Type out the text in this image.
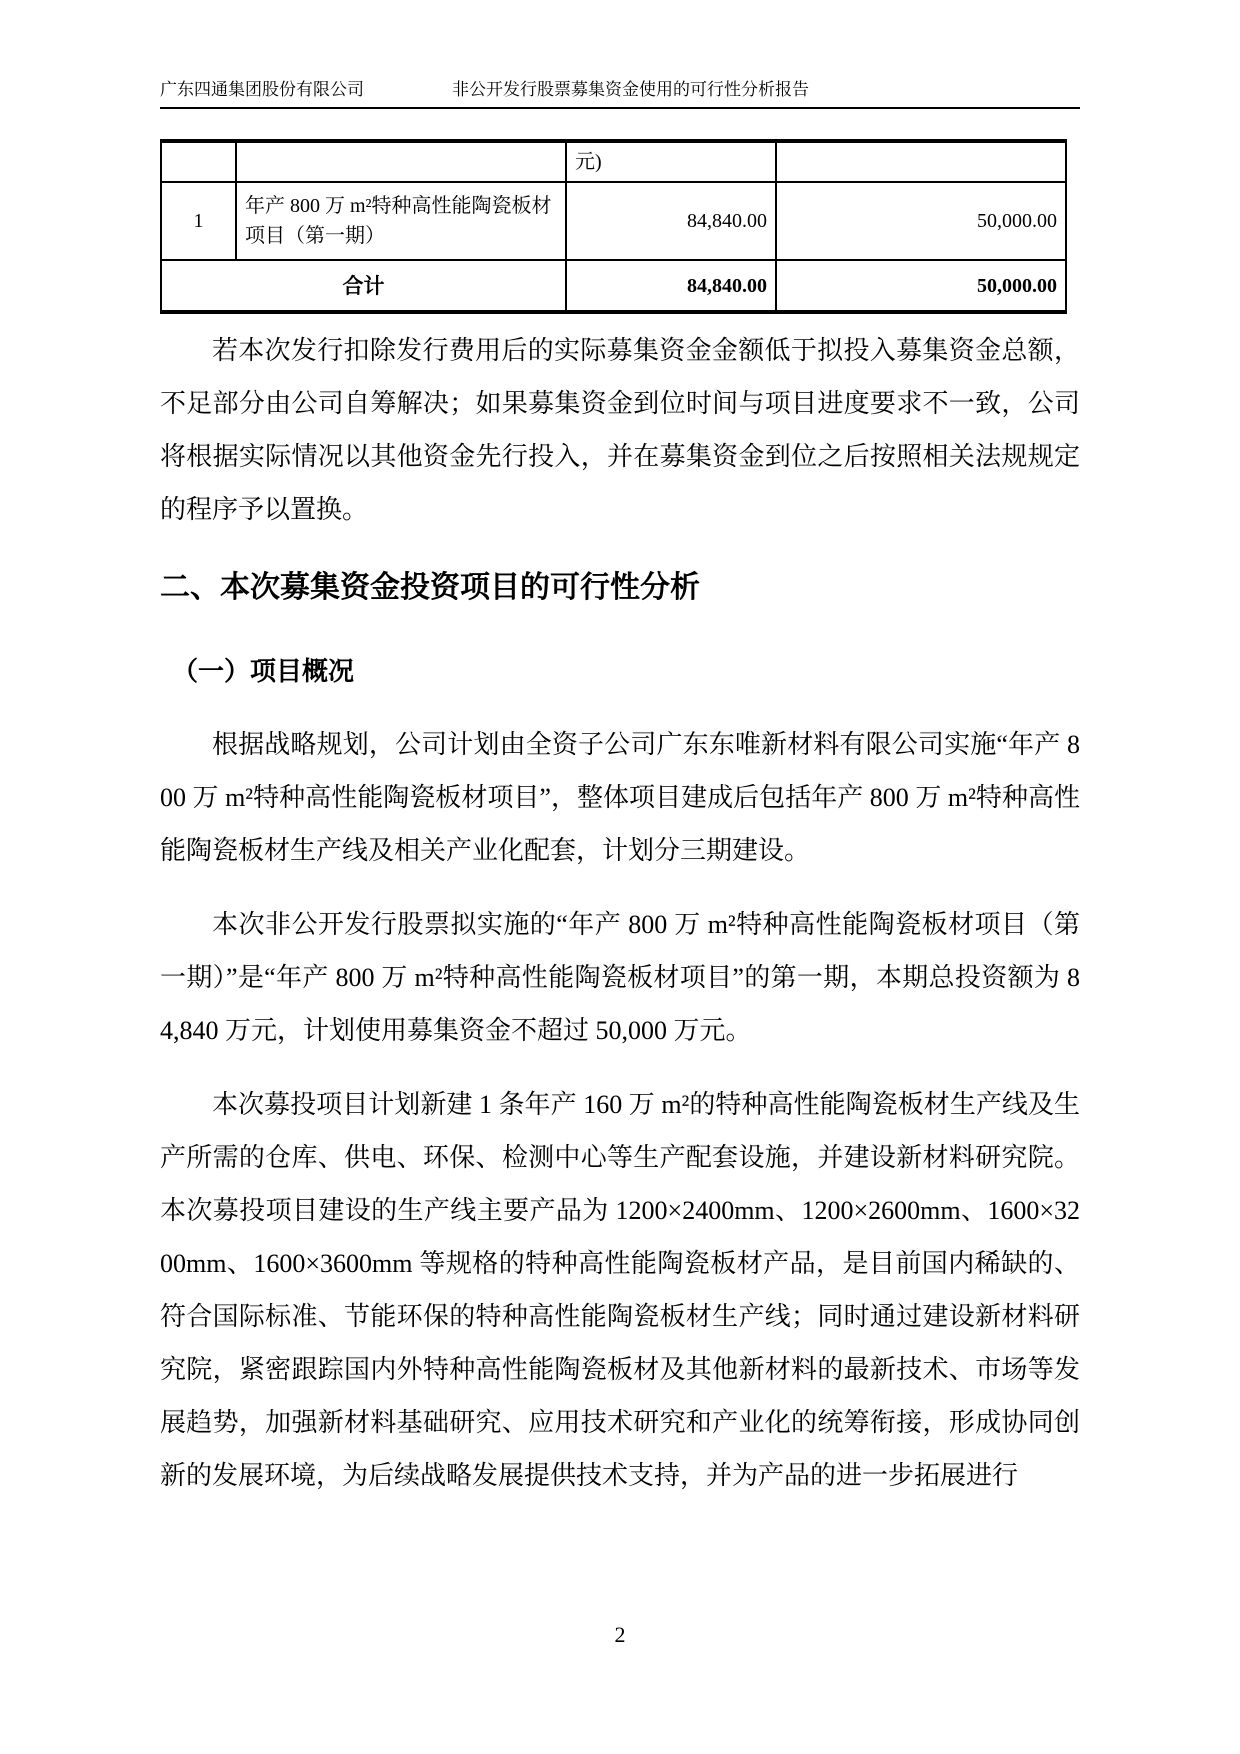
广东四通集团股份有限公司	非公开发行股票募集资金使用的可行性分析报告
		元)	
1	年产 800 万 m²特种高性能陶瓷板材项目（第一期）	84,840.00	50,000.00
合计		84,840.00	50,000.00

若本次发行扣除发行费用后的实际募集资金金额低于拟投入募集资金总额，不足部分由公司自筹解决；如果募集资金到位时间与项目进度要求不一致，公司将根据实际情况以其他资金先行投入，并在募集资金到位之后按照相关法规规定的程序予以置换。

二、本次募集资金投资项目的可行性分析
（一）项目概况

根据战略规划，公司计划由全资子公司广东东唯新材料有限公司实施“年产 800 万 m²特种高性能陶瓷板材项目”，整体项目建成后包括年产 800 万 m²特种高性能陶瓷板材生产线及相关产业化配套，计划分三期建设。

本次非公开发行股票拟实施的“年产 800 万 m²特种高性能陶瓷板材项目（第一期）”是“年产 800 万 m²特种高性能陶瓷板材项目”的第一期，本期总投资额为 84,840 万元，计划使用募集资金不超过 50,000 万元。

本次募投项目计划新建 1 条年产 160 万 m²的特种高性能陶瓷板材生产线及生产所需的仓库、供电、环保、检测中心等生产配套设施，并建设新材料研究院。本次募投项目建设的生产线主要产品为 1200×2400mm、1200×2600mm、1600×3200mm、1600×3600mm 等规格的特种高性能陶瓷板材产品，是目前国内稀缺的、符合国际标准、节能环保的特种高性能陶瓷板材生产线；同时通过建设新材料研究院，紧密跟踪国内外特种高性能陶瓷板材及其他新材料的最新技术、市场等发展趋势，加强新材料基础研究、应用技术研究和产业化的统筹衔接，形成协同创新的发展环境，为后续战略发展提供技术支持，并为产品的进一步拓展进行

2
